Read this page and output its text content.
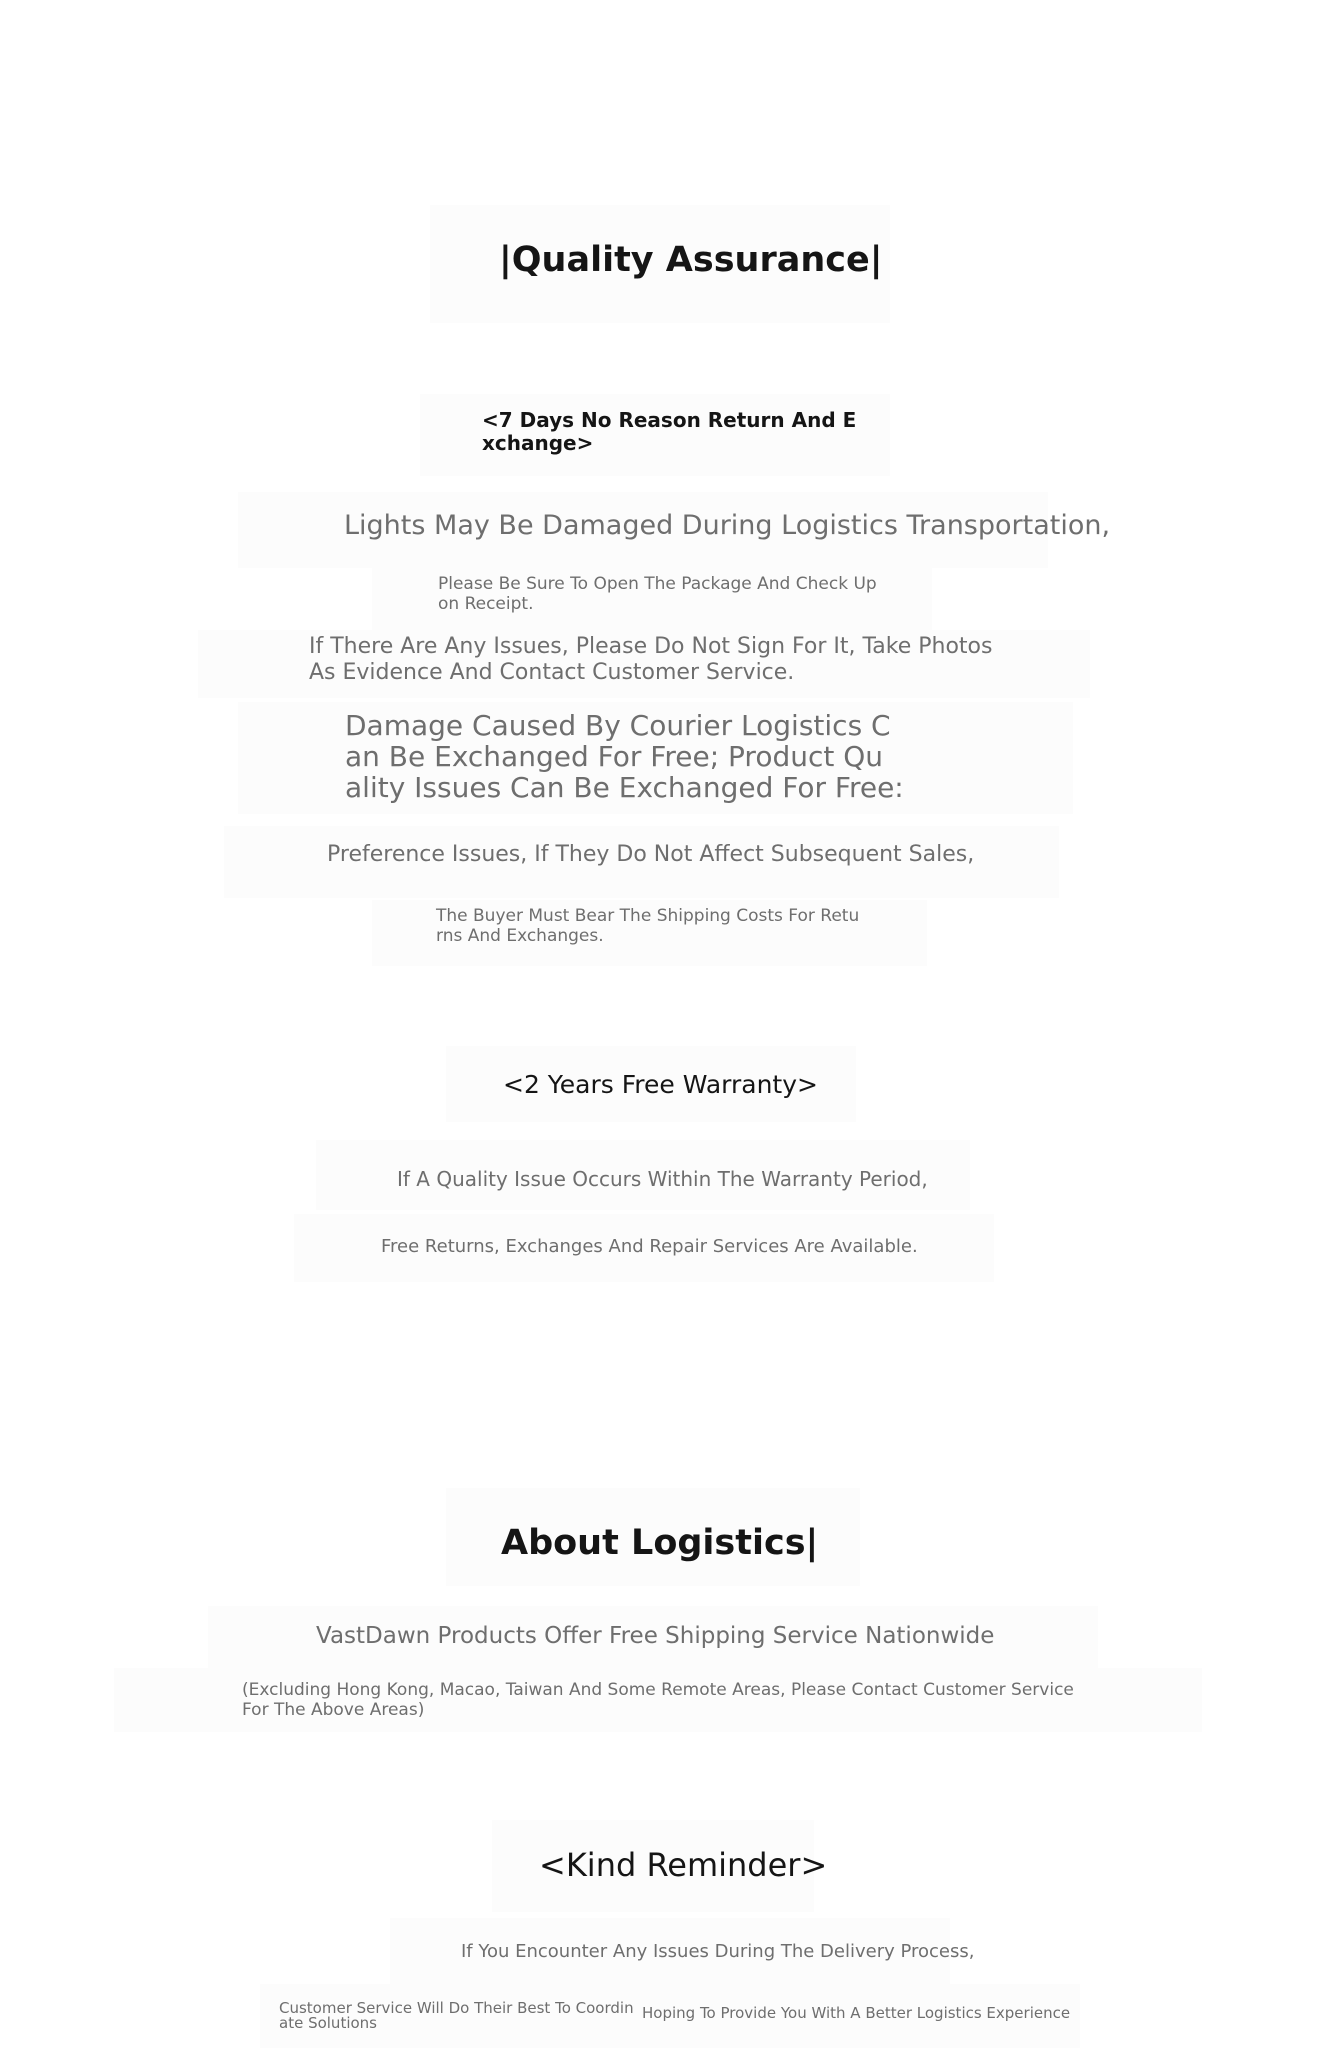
|Quality Assurance|
<7 Days No Reason Return And E
xchange>
Lights May Be Damaged During Logistics Transportation,
Please Be Sure To Open The Package And Check Up
on Receipt.
If There Are Any Issues, Please Do Not Sign For It, Take Photos
As Evidence And Contact Customer Service.
Damage Caused By Courier Logistics C
an Be Exchanged For Free; Product Qu
ality Issues Can Be Exchanged For Free:
Preference Issues, If They Do Not Affect Subsequent Sales,
The Buyer Must Bear The Shipping Costs For Retu
rns And Exchanges.
<2 Years Free Warranty>
If A Quality Issue Occurs Within The Warranty Period,
Free Returns, Exchanges And Repair Services Are Available.
About Logistics|
VastDawn Products Offer Free Shipping Service Nationwide
(Excluding Hong Kong, Macao, Taiwan And Some Remote Areas, Please Contact Customer Service
For The Above Areas)
<Kind Reminder>
If You Encounter Any Issues During The Delivery Process,
Customer Service Will Do Their Best To Coordin
ate Solutions
Hoping To Provide You With A Better Logistics Experience
